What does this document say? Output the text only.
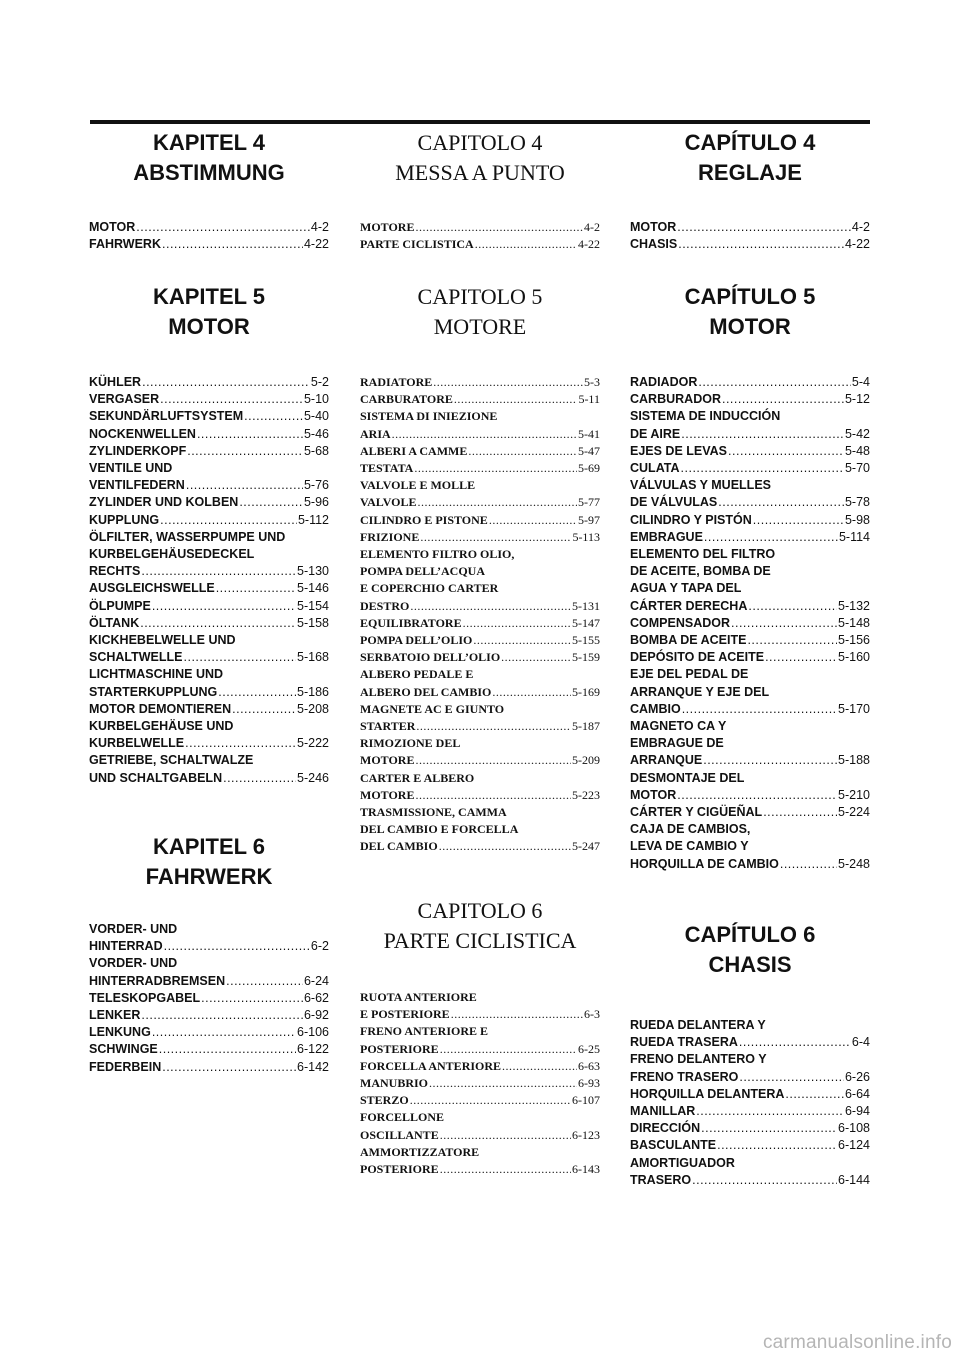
KAPITEL 4
ABSTIMMUNG
MOTOR .....	4-2
FAHRWERK .....	4-22
KAPITEL 5
MOTOR
KÜHLER .....	5-2
VERGASER .....	5-10
SEKUNDÄRLUFTSYSTEM .....	5-40
NOCKENWELLEN .....	5-46
ZYLINDERKOPF .....	5-68
VENTILE UND
VENTILFEDERN .....	5-76
ZYLINDER UND KOLBEN .....	5-96
KUPPLUNG .....	5-112
ÖLFILTER, WASSERPUMPE UND
KURBELGEHÄUSEDECKEL
RECHTS .....	5-130
AUSGLEICHSWELLE .....	5-146
ÖLPUMPE .....	5-154
ÖLTANK .....	5-158
KICKHEBELWELLE UND
SCHALTWELLE .....	5-168
LICHTMASCHINE UND
STARTERKUPPLUNG .....	5-186
MOTOR DEMONTIEREN .....	5-208
KURBELGEHÄUSE UND
KURBELWELLE .....	5-222
GETRIEBE, SCHALTWALZE
UND SCHALTGABELN .....	5-246
KAPITEL 6
FAHRWERK
VORDER- UND
HINTERRAD .....	6-2
VORDER- UND
HINTERRADBREMSEN .....	6-24
TELESKOPGABEL .....	6-62
LENKER .....	6-92
LENKUNG .....	6-106
SCHWINGE .....	6-122
FEDERBEIN .....	6-142
CAPITOLO 4
MESSA A PUNTO
MOTORE .....	4-2
PARTE CICLISTICA .....	4-22
CAPITOLO 5
MOTORE
RADIATORE .....	5-3
CARBURATORE .....	5-11
SISTEMA DI INIEZIONE
ARIA .....	5-41
ALBERI A CAMME .....	5-47
TESTATA .....	5-69
VALVOLE E MOLLE
VALVOLE .....	5-77
CILINDRO E PISTONE .....	5-97
FRIZIONE .....	5-113
ELEMENTO FILTRO OLIO,
POMPA DELL’ACQUA
E COPERCHIO CARTER
DESTRO .....	5-131
EQUILIBRATORE .....	5-147
POMPA DELL’OLIO .....	5-155
SERBATOIO DELL’OLIO .....	5-159
ALBERO PEDALE E
ALBERO DEL CAMBIO .....	5-169
MAGNETE AC E GIUNTO
STARTER .....	5-187
RIMOZIONE DEL
MOTORE .....	5-209
CARTER E ALBERO
MOTORE .....	5-223
TRASMISSIONE, CAMMA
DEL CAMBIO E FORCELLA
DEL CAMBIO .....	5-247
CAPITOLO 6
PARTE CICLISTICA
RUOTA ANTERIORE
E POSTERIORE .....	6-3
FRENO ANTERIORE E
POSTERIORE .....	6-25
FORCELLA ANTERIORE .....	6-63
MANUBRIO .....	6-93
STERZO .....	6-107
FORCELLONE
OSCILLANTE .....	6-123
AMMORTIZZATORE
POSTERIORE .....	6-143
CAPÍTULO 4
REGLAJE
MOTOR .....	4-2
CHASIS .....	4-22
CAPÍTULO 5
MOTOR
RADIADOR .....	5-4
CARBURADOR .....	5-12
SISTEMA DE INDUCCIÓN
DE AIRE .....	5-42
EJES DE LEVAS .....	5-48
CULATA .....	5-70
VÁLVULAS Y MUELLES
DE VÁLVULAS .....	5-78
CILINDRO Y PISTÓN .....	5-98
EMBRAGUE .....	5-114
ELEMENTO DEL FILTRO
DE ACEITE, BOMBA DE
AGUA Y TAPA DEL
CÁRTER DERECHA .....	5-132
COMPENSADOR .....	5-148
BOMBA DE ACEITE .....	5-156
DEPÓSITO DE ACEITE .....	5-160
EJE DEL PEDAL DE
ARRANQUE Y EJE DEL
CAMBIO .....	5-170
MAGNETO CA Y
EMBRAGUE DE
ARRANQUE .....	5-188
DESMONTAJE DEL
MOTOR .....	5-210
CÁRTER Y CIGÜEÑAL .....	5-224
CAJA DE CAMBIOS,
LEVA DE CAMBIO Y
HORQUILLA DE CAMBIO .....	5-248
CAPÍTULO 6
CHASIS
RUEDA DELANTERA Y
RUEDA TRASERA .....	6-4
FRENO DELANTERO Y
FRENO TRASERO .....	6-26
HORQUILLA DELANTERA .....	6-64
MANILLAR .....	6-94
DIRECCIÓN .....	6-108
BASCULANTE .....	6-124
AMORTIGUADOR
TRASERO .....	6-144
carmanualsonline.info
